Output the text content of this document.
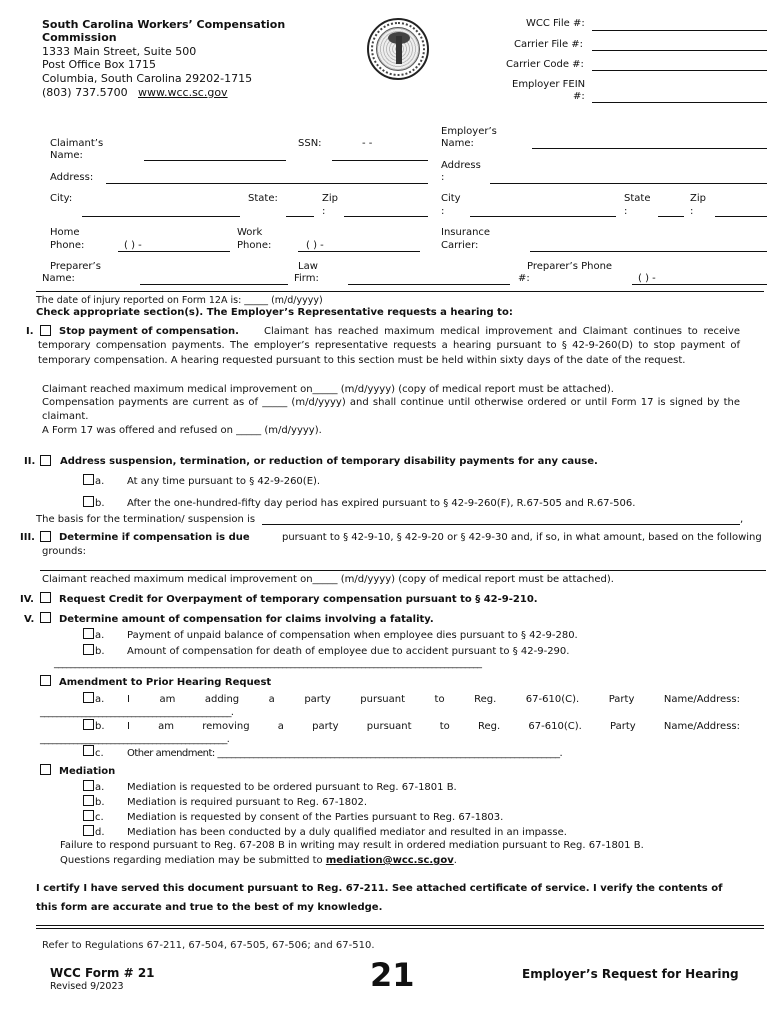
South Carolina Workers’ Compensation
Commission
1333 Main Street, Suite 500
Post Office Box 1715
Columbia, South Carolina 29202-1715
(803) 737.5700 www.wcc.sc.gov
WCC File #:
Carrier File #:
Carrier Code #:
Employer FEIN
#:
Claimant’s
Name:
SSN:	- -
Employer’s
Name:
Address:
Address
:
City:	State:	Zip
:
City
:
State
:
Zip
:
Home
Phone:	( ) -
Work
Phone:	( ) -
Insurance
Carrier:
Preparer’s
Name:
Law
Firm:
Preparer’s Phone
#:	( ) -
The date of injury reported on Form 12A is: _____ (m/d/yyyy)
Check appropriate section(s). The Employer’s Representative requests a hearing to:
I.	Stop payment of compensation.	Claimant has reached maximum medical improvement and Claimant continues to receive
temporary compensation payments. The employer’s representative requests a hearing pursuant to § 42-9-260(D) to stop payment of
temporary compensation. A hearing requested pursuant to this section must be held within sixty days of the date of the request.
Claimant reached maximum medical improvement on_____ (m/d/yyyy) (copy of medical report must be attached).
Compensation payments are current as of _____ (m/d/yyyy) and shall continue until otherwise ordered or until Form 17 is signed by the
claimant.
A Form 17 was offered and refused on _____ (m/d/yyyy).
II. Address suspension, termination, or reduction of temporary disability payments for any cause.
a. At any time pursuant to § 42-9-260(E).
b. After the one-hundred-fifty day period has expired pursuant to § 42-9-260(F), R.67-505 and R.67-506.
The basis for the termination/ suspension is	,
III. Determine if compensation is due	pursuant to § 42-9-10, § 42-9-20 or § 42-9-30 and, if so, in what amount, based on the following
grounds:
Claimant reached maximum medical improvement on_____ (m/d/yyyy) (copy of medical report must be attached).
IV.	Request Credit for Overpayment of temporary compensation pursuant to § 42-9-210.
V. Determine amount of compensation for claims involving a fatality.
a. Payment of unpaid balance of compensation when employee dies pursuant to § 42-9-280.
b. Amount of compensation for death of employee due to accident pursuant to § 42-9-290.
_______________________________________________________________________________________________________
Amendment to Prior Hearing Request
a. I	am	adding	a	party	pursuant	to	Reg.	67-610(C).	Party	Name/Address:
______________________________________________.
b. I	am	removing	a	party	pursuant	to	Reg.	67-610(C).	Party	Name/Address:
_____________________________________________.
c. Other amendment: ____________________________________________________________________________.
Mediation
a. Mediation is requested to be ordered pursuant to Reg. 67-1801 B.
b. Mediation is required pursuant to Reg. 67-1802.
c. Mediation is requested by consent of the Parties pursuant to Reg. 67-1803.
d. Mediation has been conducted by a duly qualified mediator and resulted in an impasse.
Failure to respond pursuant to Reg. 67-208 B in writing may result in ordered mediation pursuant to Reg. 67-1801 B.
Questions regarding mediation may be submitted to mediation@wcc.sc.gov.
I certify I have served this document pursuant to Reg. 67-211. See attached certificate of service. I verify the contents of
this form are accurate and true to the best of my knowledge.
Refer to Regulations 67-211, 67-504, 67-505, 67-506; and 67-510.
WCC Form # 21
Revised 9/2023	21	Employer’s Request for Hearing
